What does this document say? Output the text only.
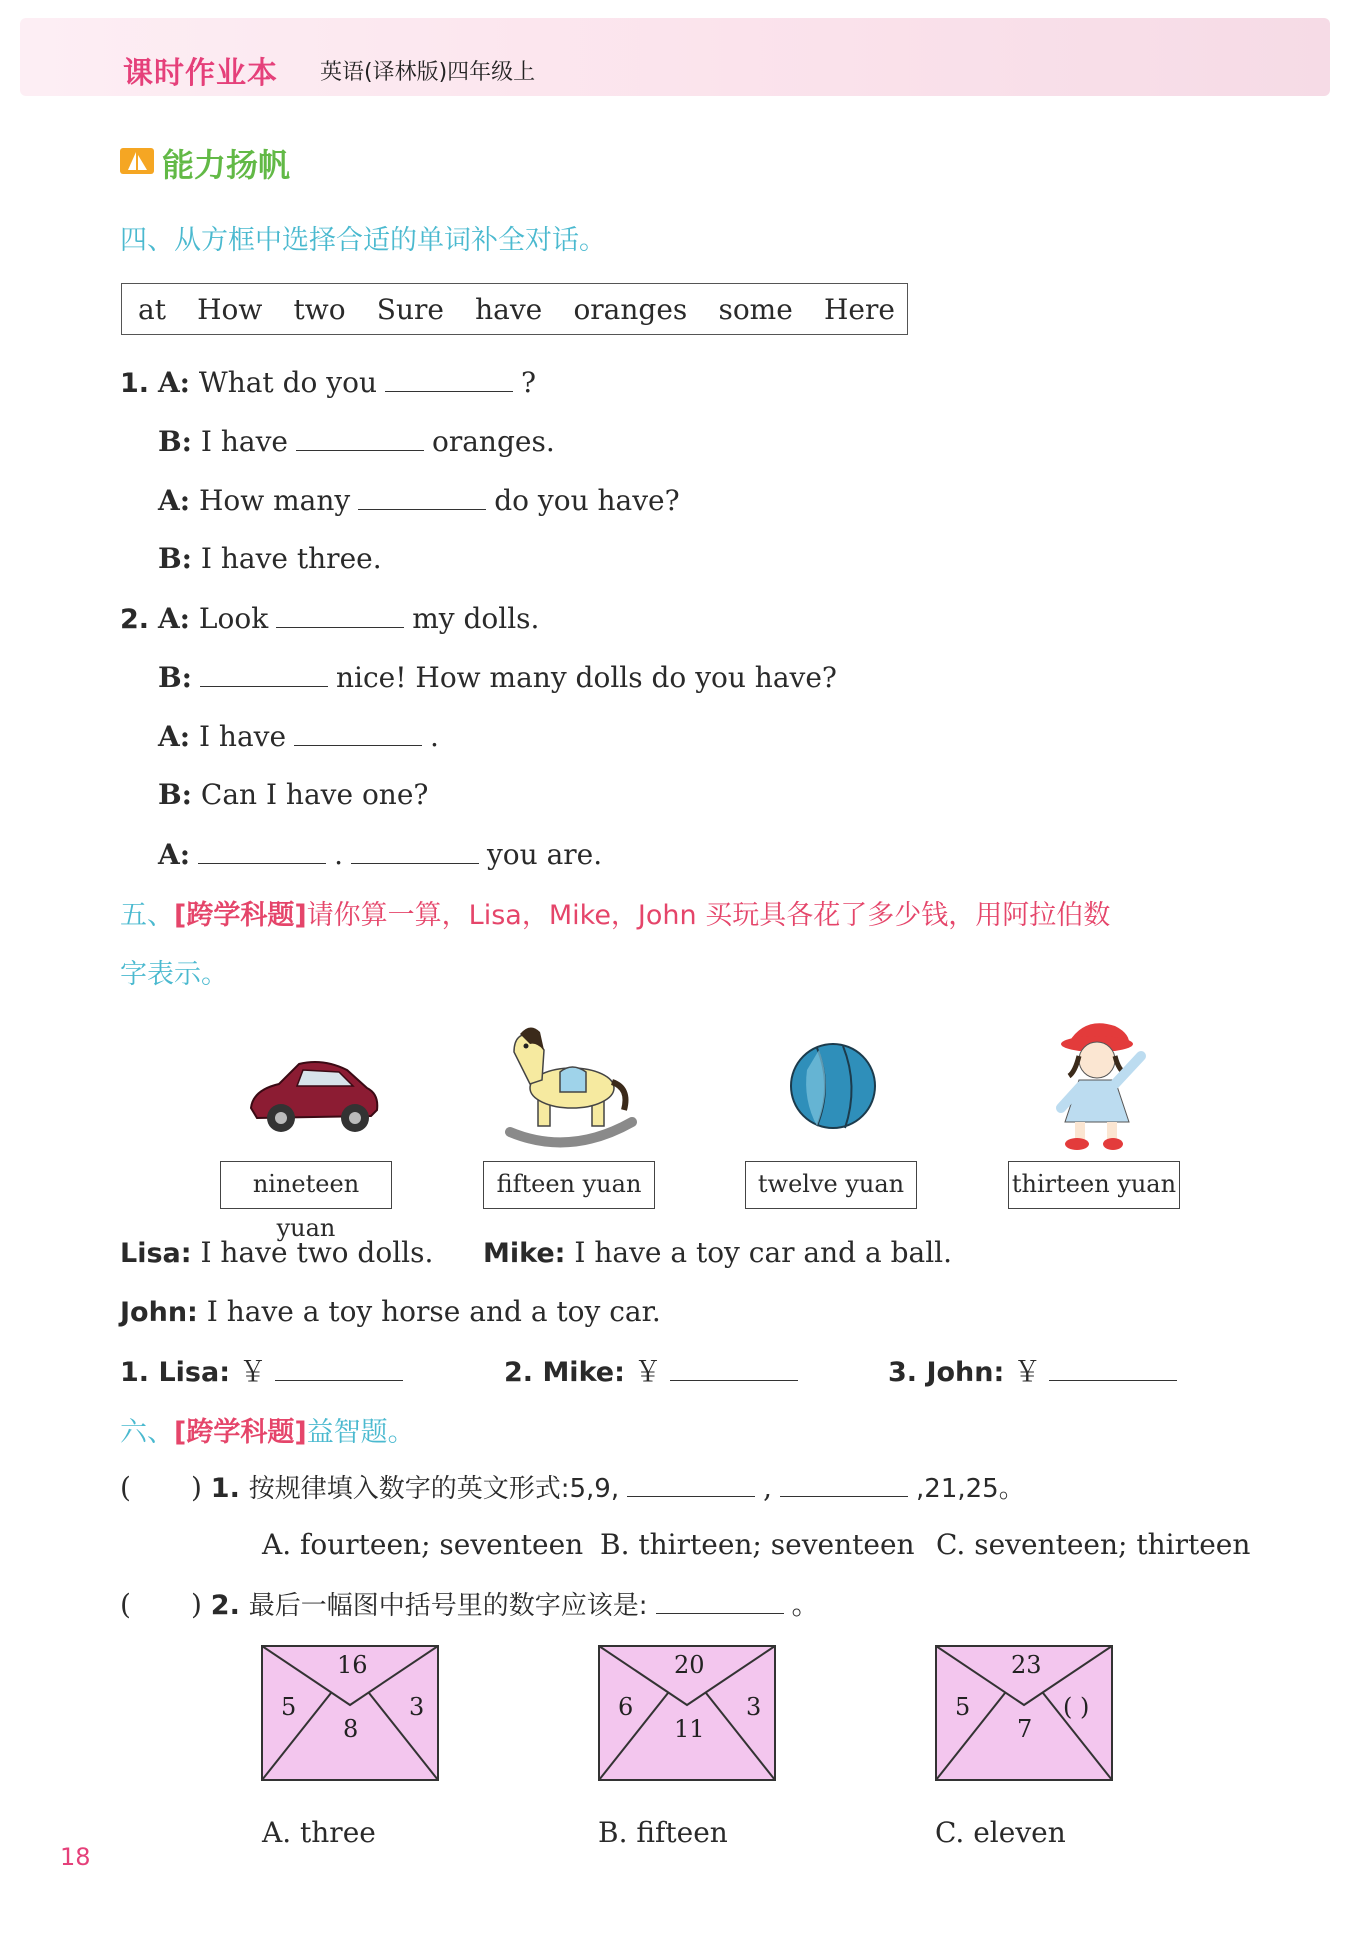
课时作业本 英语(译林版)四年级上
能力扬帆
四、从方框中选择合适的单词补全对话。
at How two Sure have oranges some Here
1. A: What do you	?
B: I have	oranges.
A: How many	do you have?
B: I have three.
2. A: Look	my dolls.
B:	nice! How many dolls do you have?
A: I have	.
B: Can I have one?
A:	.	you are.
五、[跨学科题]请你算一算，Lisa，Mike，John 买玩具各花了多少钱，用阿拉伯数
字表示。
nineteen yuan
fifteen yuan	twelve yuan	thirteen yuan
Lisa: I have two dolls. Mike: I have a toy car and a ball.
John: I have a toy horse and a toy car.
1. Lisa: ￥	2. Mike: ￥	3. John: ￥
六、[跨学科题]益智题。
( ) 1. 按规律填入数字的英文形式:5,9,	,	,21,25。
A. fourteen; seventeen B. thirteen; seventeen C. seventeen; thirteen
( ) 2. 最后一幅图中括号里的数字应该是:	。
16
5	3
8
20
6	3
11
23
5	( )
7
A. three	B. fifteen	C. eleven
18
